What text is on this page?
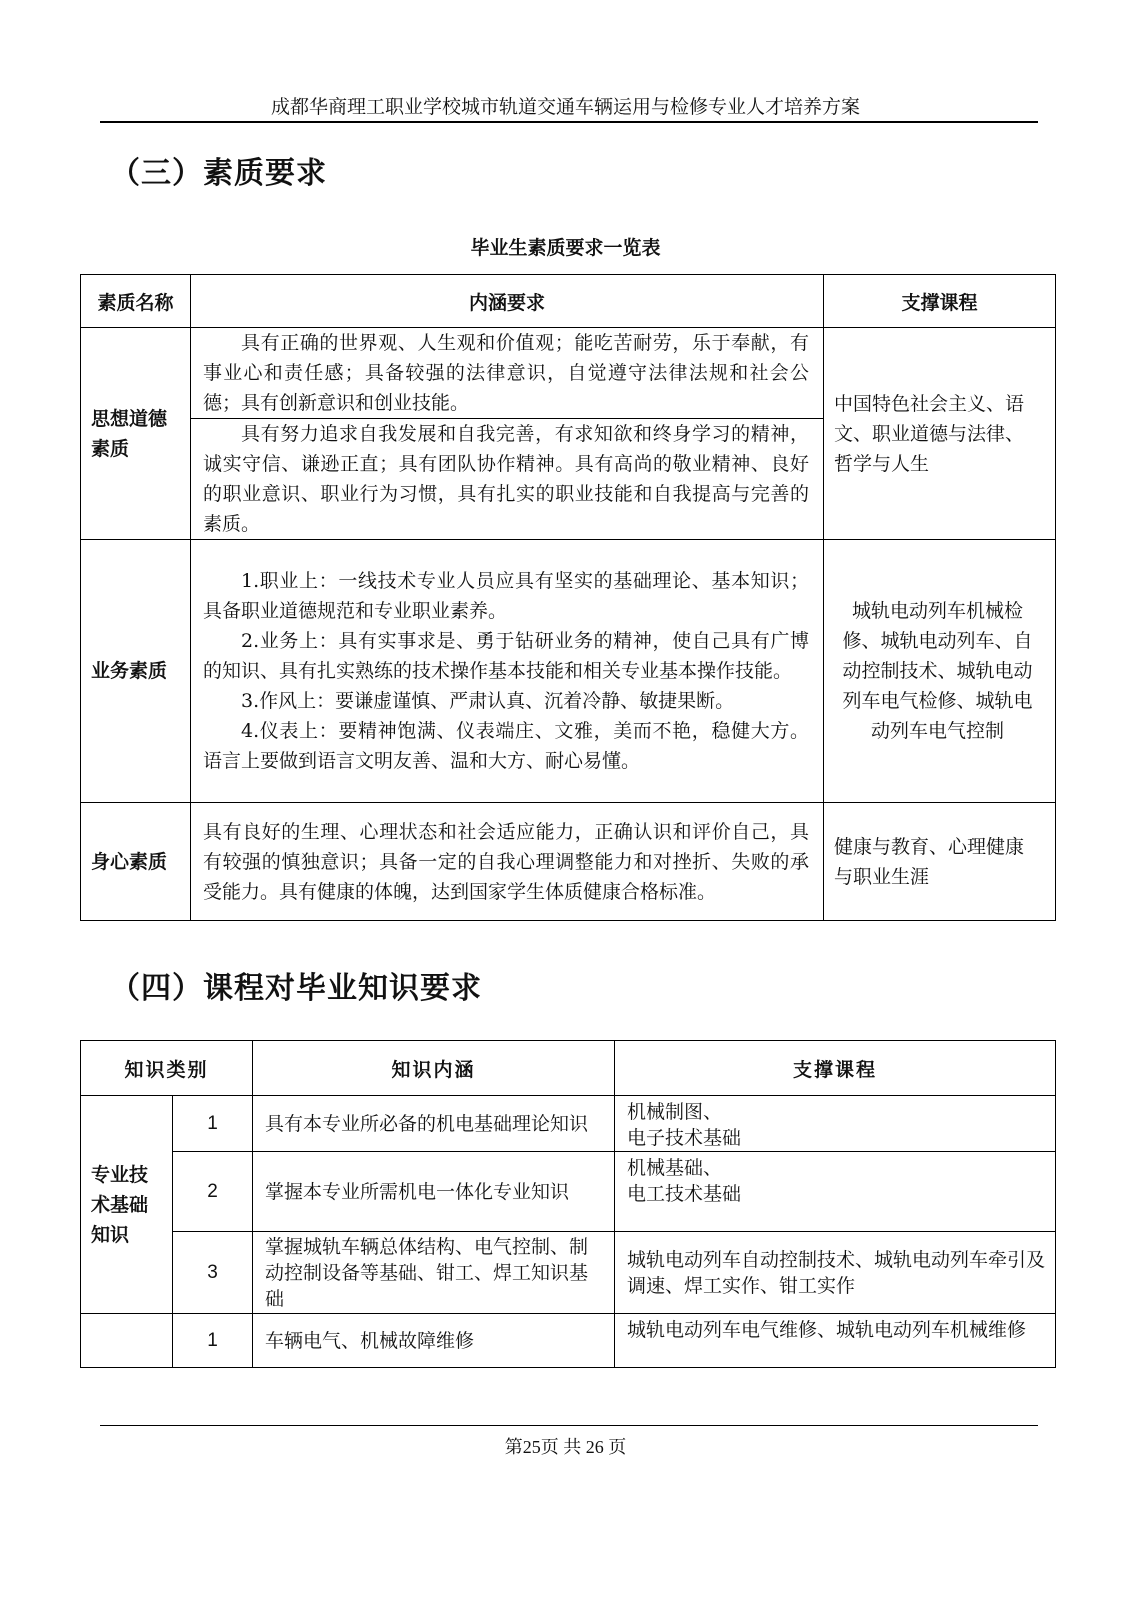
成都华商理工职业学校城市轨道交通车辆运用与检修专业人才培养方案
（三）素质要求
毕业生素质要求一览表
素质名称	内涵要求	支撑课程
思想道德素质	具有正确的世界观、人生观和价值观；能吃苦耐劳，乐于奉献，有事业心和责任感；具备较强的法律意识，自觉遵守法律法规和社会公德；具有创新意识和创业技能。	中国特色社会主义、语文、职业道德与法律、哲学与人生
	具有努力追求自我发展和自我完善，有求知欲和终身学习的精神，诚实守信、谦逊正直；具有团队协作精神。具有高尚的敬业精神、良好的职业意识、职业行为习惯，具有扎实的职业技能和自我提高与完善的素质。	
业务素质	1.职业上：一线技术专业人员应具有坚实的基础理论、基本知识；具备职业道德规范和专业职业素养。

2.业务上：具有实事求是、勇于钻研业务的精神，使自己具有广博的知识、具有扎实熟练的技术操作基本技能和相关专业基本操作技能。

3.作风上：要谦虚谨慎、严肃认真、沉着冷静、敏捷果断。

4.仪表上：要精神饱满、仪表端庄、文雅，美而不艳，稳健大方。语言上要做到语言文明友善、温和大方、耐心易懂。	城轨电动列车机械检修、城轨电动列车、自动控制技术、城轨电动列车电气检修、城轨电动列车电气控制
身心素质	具有良好的生理、心理状态和社会适应能力，正确认识和评价自己，具有较强的慎独意识；具备一定的自我心理调整能力和对挫折、失败的承受能力。具有健康的体魄，达到国家学生体质健康合格标准。	健康与教育、心理健康与职业生涯
（四）课程对毕业知识要求
知识类别		知识内涵	支撑课程
专业技术基础知识	1	具有本专业所必备的机电基础理论知识	机械制图、
电子技术基础

	2	掌握本专业所需机电一体化专业知识	机械基础、
电工技术基础

	3	掌握城轨车辆总体结构、电气控制、制动控制设备等基础、钳工、焊工知识基础	城轨电动列车自动控制技术、城轨电动列车牵引及调速、焊工实作、钳工实作
	1	车辆电气、机械故障维修	城轨电动列车电气维修、城轨电动列车机械维修
第25页 共 26 页
